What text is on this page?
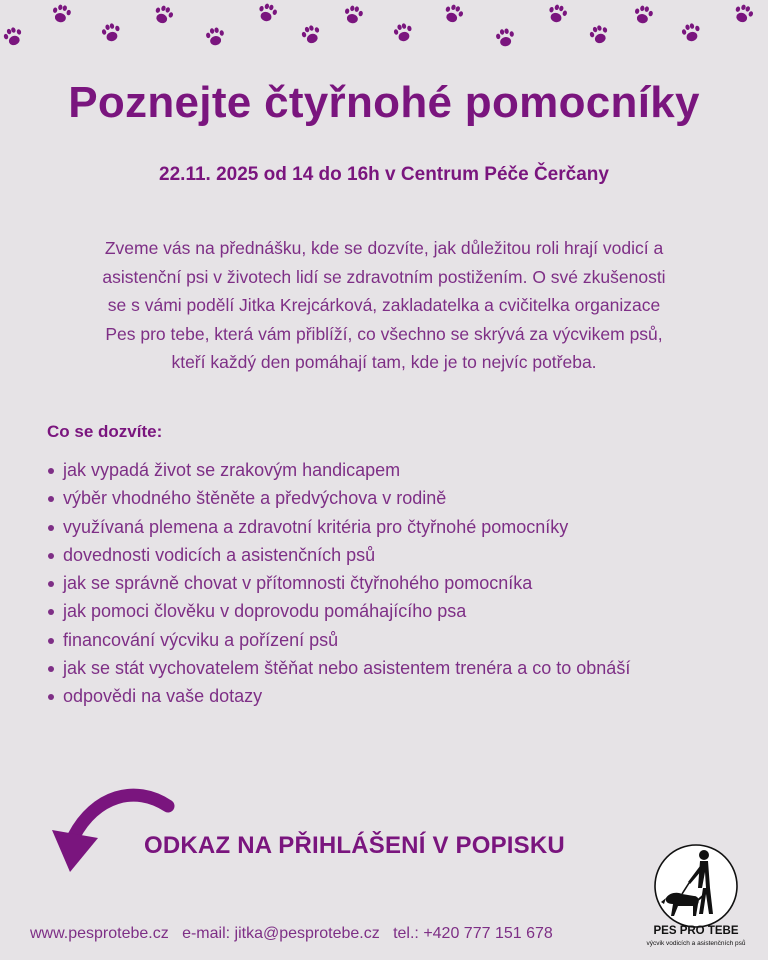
Poznejte čtyřnohé pomocníky
22.11. 2025 od 14 do 16h v Centrum Péče Čerčany
Zveme vás na přednášku, kde se dozvíte, jak důležitou roli hrají vodicí a
asistenční psi v životech lidí se zdravotním postižením. O své zkušenosti
se s vámi podělí Jitka Krejcárková, zakladatelka a cvičitelka organizace
Pes pro tebe, která vám přiblíží, co všechno se skrývá za výcvikem psů,
kteří každý den pomáhají tam, kde je to nejvíc potřeba.
Co se dozvíte:
jak vypadá život se zrakovým handicapem
výběr vhodného štěněte a předvýchova v rodině
využívaná plemena a zdravotní kritéria pro čtyřnohé pomocníky
dovednosti vodicích a asistenčních psů
jak se správně chovat v přítomnosti čtyřnohého pomocníka
jak pomoci člověku v doprovodu pomáhajícího psa
financování výcviku a pořízení psů
jak se stát vychovatelem štěňat nebo asistentem trenéra a co to obnáší
odpovědi na vaše dotazy
ODKAZ NA PŘIHLÁŠENÍ V POPISKU
www.pesprotebe.cz e-mail: jitka@pesprotebe.cz tel.: +420 777 151 678	PES PRO TEBE
výcvik vodicích a asistenčních psů
